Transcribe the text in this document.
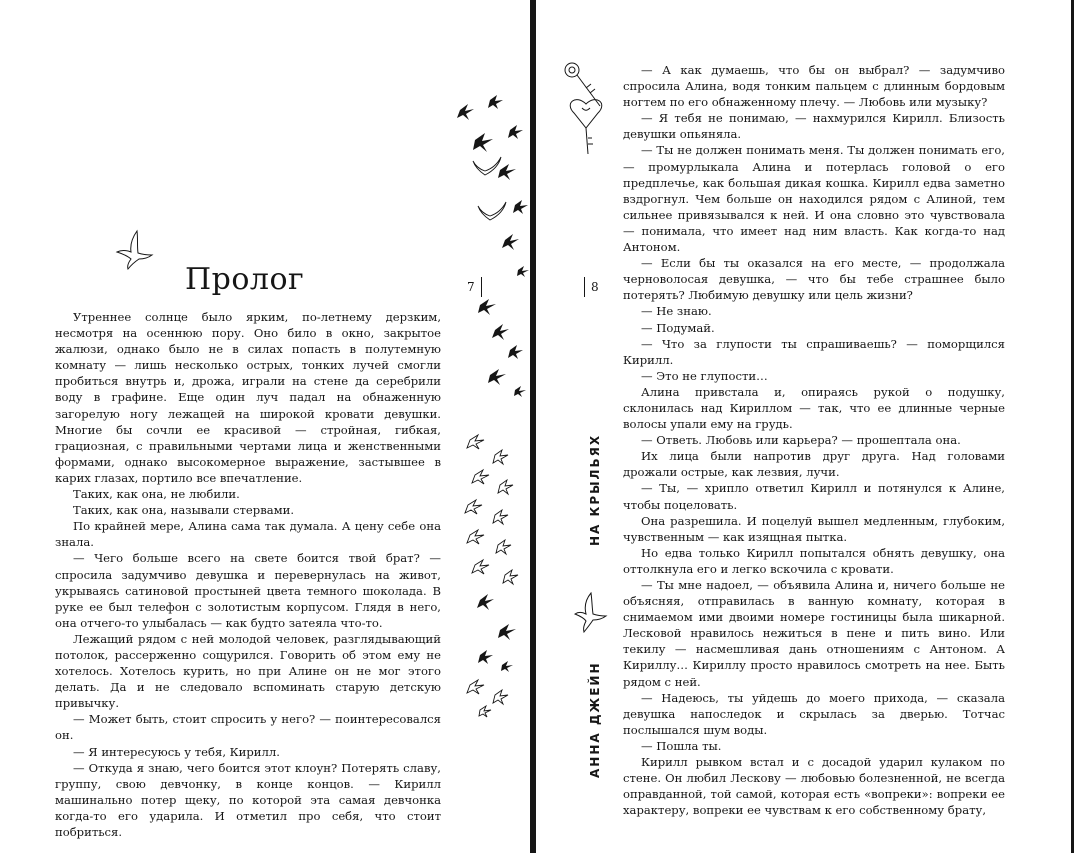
Пролог

Утреннее солнце было ярким, по-летнему дерзким, несмотря на осеннюю пору. Оно било в окно, закрытое жалюзи, однако было не в силах попасть в полутемную комнату — лишь несколько острых, тонких лучей смогли пробиться внутрь и, дрожа, играли на стене да серебрили воду в графине. Еще один луч падал на обнаженную загорелую ногу лежащей на широкой кровати девушки. Многие бы сочли ее красивой — стройная, гибкая, грациозная, с правильными чертами лица и женственными формами, однако высокомерное выражение, застывшее в карих глазах, портило все впечатление.

Таких, как она, не любили.

Таких, как она, называли стервами.

По крайней мере, Алина сама так думала. А цену себе она знала.

— Чего больше всего на свете боится твой брат? — спросила задумчиво девушка и перевернулась на живот, укрываясь сатиновой простыней цвета темного шоколада. В руке ее был телефон с золотистым корпусом. Глядя в него, она отчего-то улыбалась — как будто затеяла что-то.

Лежащий рядом с ней молодой человек, разглядывающий потолок, рассерженно сощурился. Говорить об этом ему не хотелось. Хотелось курить, но при Алине он не мог этого делать. Да и не следовало вспоминать старую детскую привычку.

— Может быть, стоит спросить у него? — поинтересовался он.

— Я интересуюсь у тебя, Кирилл.

— Откуда я знаю, чего боится этот клоун? Потерять славу, группу, свою девчонку, в конце концов. — Кирилл машинально потер щеку, по которой эта самая девчонка когда-то его ударила. И отметил про себя, что стоит побриться.

7

— А как думаешь, что бы он выбрал? — задумчиво спросила Алина, водя тонким пальцем с длинным бордовым ногтем по его обнаженному плечу. — Любовь или музыку?

— Я тебя не понимаю, — нахмурился Кирилл. Близость девушки опьяняла.

— Ты не должен понимать меня. Ты должен понимать его, — промурлыкала Алина и потерлась головой о его предплечье, как большая дикая кошка. Кирилл едва заметно вздрогнул. Чем больше он находился рядом с Алиной, тем сильнее привязывался к ней. И она словно это чувствовала — понимала, что имеет над ним власть. Как когда-то над Антоном.

— Если бы ты оказался на его месте, — продолжала черноволосая девушка, — что бы тебе страшнее было потерять? Любимую девушку или цель жизни?

— Не знаю.

— Подумай.

— Что за глупости ты спрашиваешь? — поморщился Кирилл.

— Это не глупости…

Алина привстала и, опираясь рукой о подушку, склонилась над Кириллом — так, что ее длинные черные волосы упали ему на грудь.

— Ответь. Любовь или карьера? — прошептала она.

Их лица были напротив друг друга. Над головами дрожали острые, как лезвия, лучи.

— Ты, — хрипло ответил Кирилл и потянулся к Алине, чтобы поцеловать.

Она разрешила. И поцелуй вышел медленным, глубоким, чувственным — как изящная пытка.

Но едва только Кирилл попытался обнять девушку, она оттолкнула его и легко вскочила с кровати.

— Ты мне надоел, — объявила Алина и, ничего больше не объясняя, отправилась в ванную комнату, которая в снимаемом ими двоими номере гостиницы была шикарной. Лесковой нравилось нежиться в пене и пить вино. Или текилу — насмешливая дань отношениям с Антоном. А Кириллу… Кириллу просто нравилось смотреть на нее. Быть рядом с ней.

— Надеюсь, ты уйдешь до моего прихода, — сказала девушка напоследок и скрылась за дверью. Тотчас послышался шум воды.

— Пошла ты.

Кирилл рывком встал и с досадой ударил кулаком по стене. Он любил Лескову — любовью болезненной, не всегда оправданной, той самой, которая есть «вопреки»: вопреки ее характеру, вопреки ее чувствам к его собственному брату,

8
НА КРЫЛЬЯХ
АННА ДЖЕЙН
